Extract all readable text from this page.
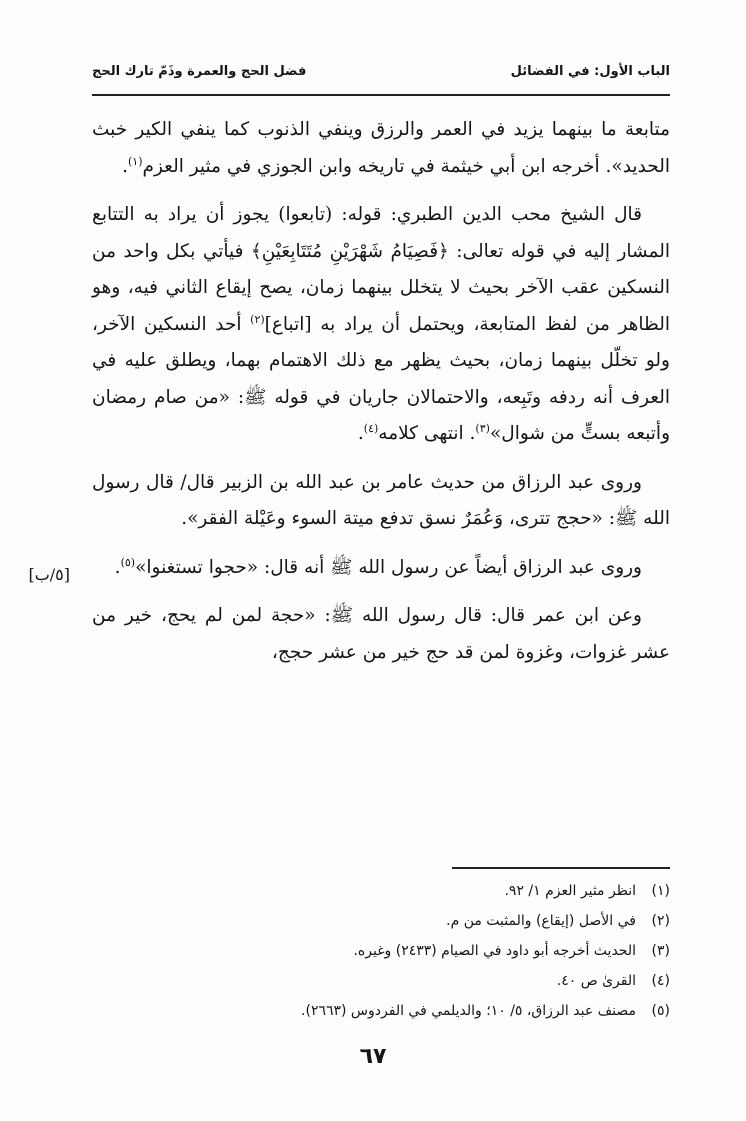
الباب الأول: في الفضائل
فضل الحج والعمرة وذَمّ تارك الحج

متابعة ما بينهما يزيد في العمر والرزق وينفي الذنوب كما ينفي الكير خبث الحديد». أخرجه ابن أبي خيثمة في تاريخه وابن الجوزي في مثير العزم$^{(١)}$.

قال الشيخ محب الدين الطبري: قوله: (تابعوا) يجوز أن يراد به التتابع المشار إليه في قوله تعالى: ﴿فَصِيَامُ شَهْرَيْنِ مُتَتَابِعَيْنِ﴾ فيأتي بكل واحد من النسكين عقب الآخر بحيث لا يتخلل بينهما زمان، يصح إيقاع الثاني فيه، وهو الظاهر من لفظ المتابعة، ويحتمل أن يراد به [اتباع]$^{(٢)}$ أحد النسكين الآخر، ولو تخلّل بينهما زمان، بحيث يظهر مع ذلك الاهتمام بهما، ويطلق عليه في العرف أنه ردفه وتَبِعه، والاحتمالان جاريان في قوله ﷺ: «من صام رمضان وأتبعه بستٍّ من شوال»$^{(٣)}$. انتهى كلامه$^{(٤)}$.

وروى عبد الرزاق من حديث عامر بن عبد الله بن الزبير قال/ قال رسول الله ﷺ: «حجج تترى، وَعُمَرٌ نسق تدفع ميتة السوء وعَيْلة الفقر».

وروى عبد الرزاق أيضاً عن رسول الله ﷺ أنه قال: «حجوا تستغنوا»$^{(٥)}$.

وعن ابن عمر قال: قال رسول الله ﷺ: «حجة لمن لم يحج، خير من عشر غزوات، وغزوة لمن قد حج خير من عشر حجج،

[٥/ب]
(١)انظر مثير العزم ١/ ٩٢.
(٢)في الأصل (إيقاع) والمثبت من م.
(٣)الحديث أخرجه أبو داود في الصيام (٢٤٣٣) وغيره.
(٤)القرىٰ ص ٤٠.
(٥)مصنف عبد الرزاق، ٥/ ١٠؛ والديلمي في الفردوس (٢٦٦٣).
٦٧
